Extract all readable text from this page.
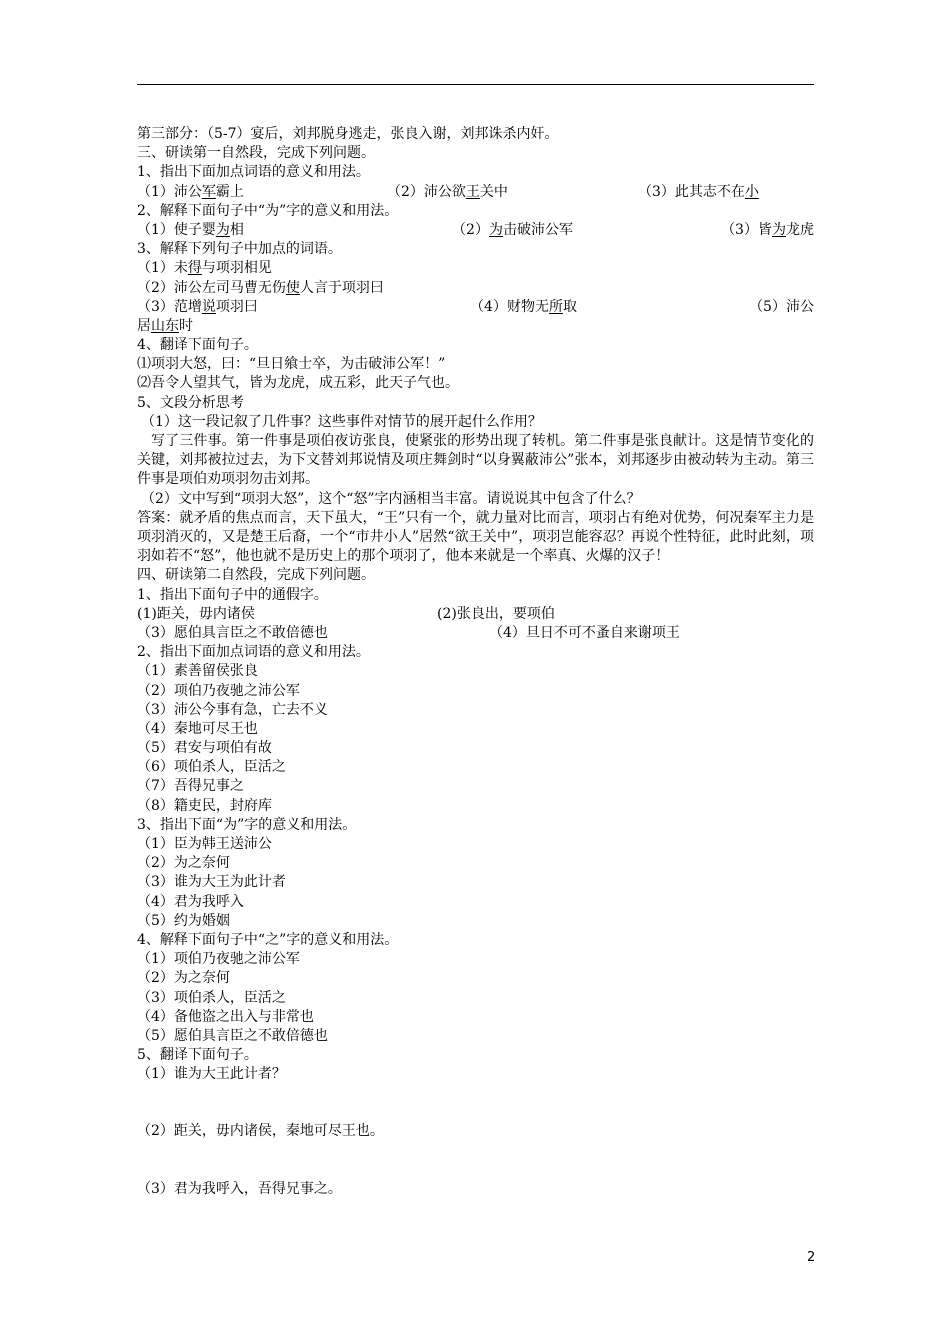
第三部分：（5-7）宴后，刘邦脱身逃走，张良入谢，刘邦诛杀内奸。
三、研读第一自然段，完成下列问题。
1、指出下面加点词语的意义和用法。
（1）沛公军霸上	（2）沛公欲王关中	（3）此其志不在小
2、解释下面句子中“为”字的意义和用法。
（1）使子婴为相	（2）为击破沛公军	（3）皆为龙虎
3、解释下列句子中加点的词语。
（1）未得与项羽相见
（2）沛公左司马曹无伤使人言于项羽曰
（3）范增说项羽曰	（4）财物无所取	（5）沛公
居山东时
4、翻译下面句子。
⑴项羽大怒，曰：“旦日飨士卒，为击破沛公军！”
⑵吾令人望其气，皆为龙虎，成五彩，此天子气也。
5、文段分析思考
（1）这一段记叙了几件事？这些事件对情节的展开起什么作用？
写了三件事。第一件事是项伯夜访张良，使紧张的形势出现了转机。第二件事是张良献计。这是情节变化的关键，刘邦被拉过去，为下文替刘邦说情及项庄舞剑时“以身翼蔽沛公”张本，刘邦逐步由被动转为主动。第三件事是项伯劝项羽勿击刘邦。
（2）文中写到“项羽大怒”，这个“怒”字内涵相当丰富。请说说其中包含了什么？
答案：就矛盾的焦点而言，天下虽大，“王”只有一个，就力量对比而言，项羽占有绝对优势，何况秦军主力是项羽消灭的，又是楚王后裔，一个“市井小人”居然“欲王关中”，项羽岂能容忍？再说个性特征，此时此刻，项羽如若不“怒”，他也就不是历史上的那个项羽了，他本来就是一个率真、火爆的汉子！
四、研读第二自然段，完成下列问题。
1、指出下面句子中的通假字。
(1)距关，毋内诸侯	(2)张良出，要项伯
（3）愿伯具言臣之不敢倍德也	（4）旦日不可不蚤自来谢项王
2、指出下面加点词语的意义和用法。
（1）素善留侯张良
（2）项伯乃夜驰之沛公军
（3）沛公今事有急，亡去不义
（4）秦地可尽王也
（5）君安与项伯有故
（6）项伯杀人，臣活之
（7）吾得兄事之
（8）籍吏民，封府库
3、指出下面“为”字的意义和用法。
（1）臣为韩王送沛公
（2）为之奈何
（3）谁为大王为此计者
（4）君为我呼入
（5）约为婚姻
4、解释下面句子中“之”字的意义和用法。
（1）项伯乃夜驰之沛公军
（2）为之奈何
（3）项伯杀人，臣活之
（4）备他盗之出入与非常也
（5）愿伯具言臣之不敢倍德也
5、翻译下面句子。
（1）谁为大王此计者？
（2）距关，毋内诸侯，秦地可尽王也。
（3）君为我呼入，吾得兄事之。
2
